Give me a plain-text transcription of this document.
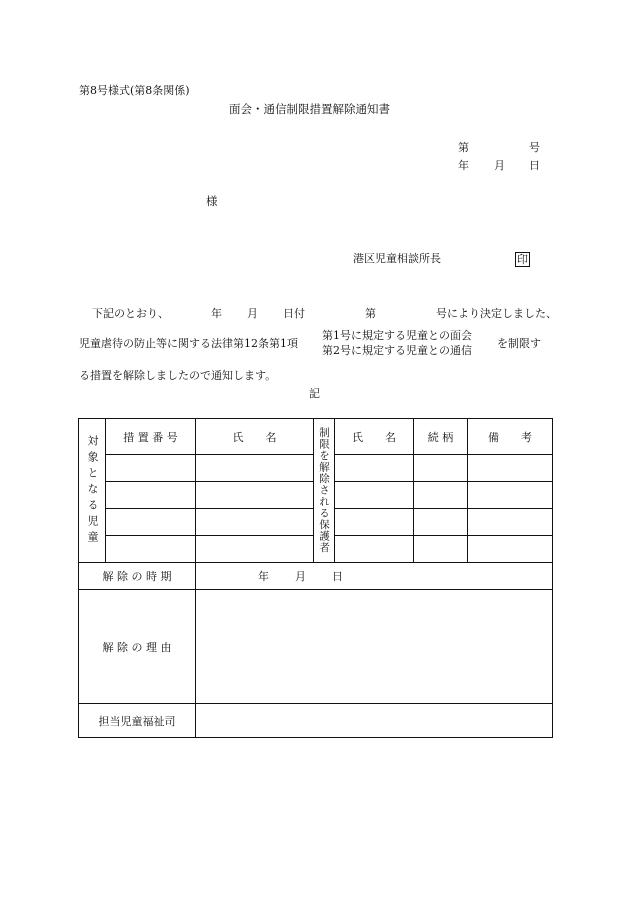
第8号様式(第8条関係)
面会・通信制限措置解除通知書
第	号
年 月 日
様
港区児童相談所長	印
下記のとおり、	年 月 日付	第	号により決定しました、
児童虐待の防止等に関する法律第12条第1項
第1号に規定する児童との面会
第2号に規定する児童との通信
を制限す
る措置を解除しましたので通知します。
記
対象となる児童	措 置 番 号	氏　　名	制限を解除される保護者	氏　　名	続 柄	備　　考

解 除 の 時 期		年 月 日				
解 除 の 理 由						
担当児童福祉司						
